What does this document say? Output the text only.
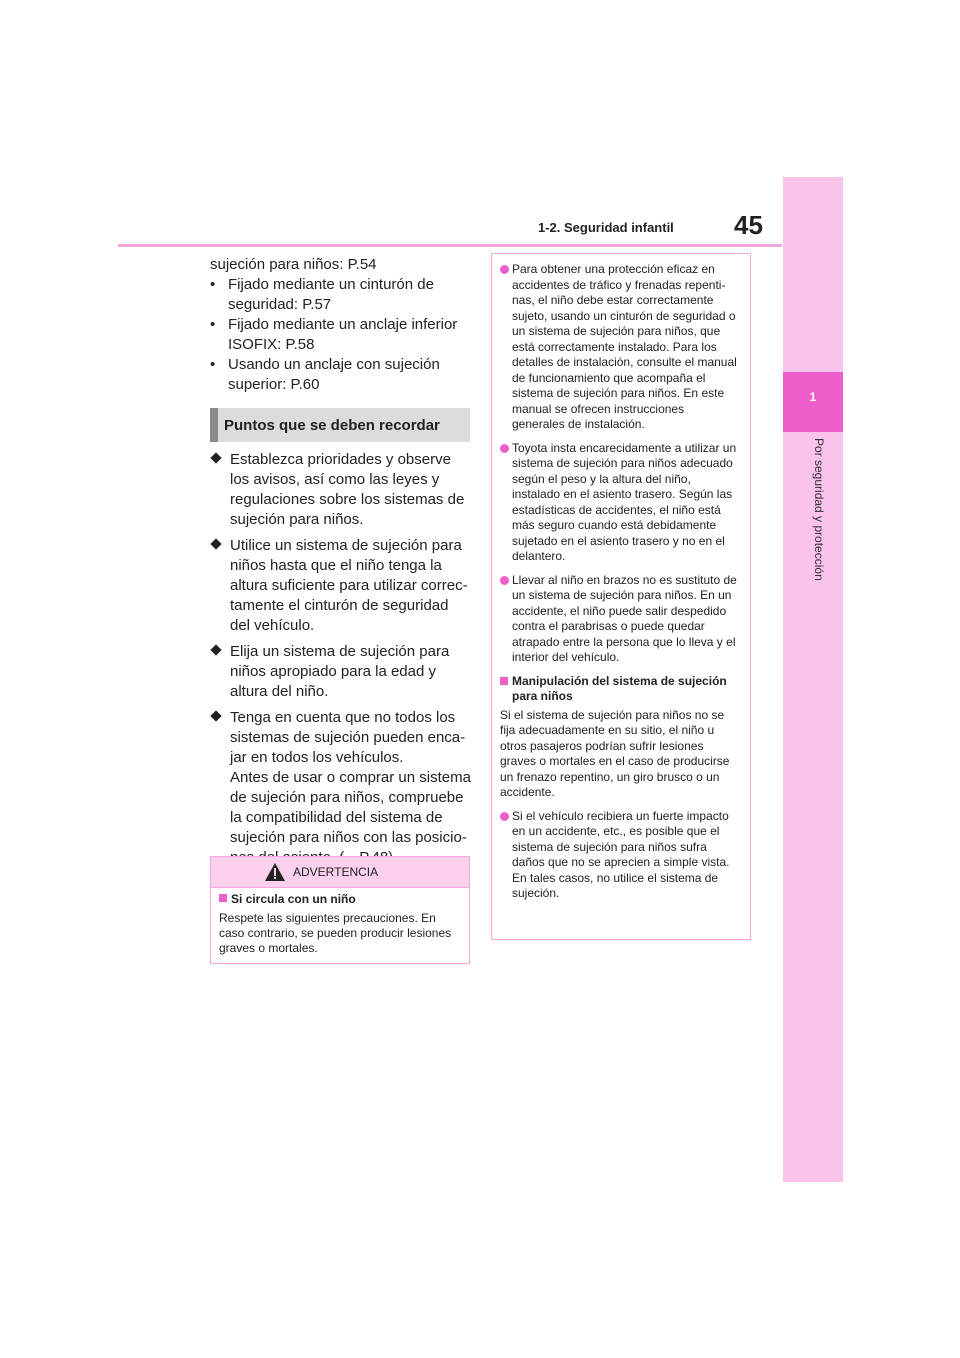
1
Por seguridad y protección
1-2. Seguridad infantil 45

sujeción para niños: P.54

• Fijado mediante un cinturón de seguridad: P.57

• Fijado mediante un anclaje inferior ISOFIX: P.58

• Usando un anclaje con sujeción superior: P.60

Puntos que se deben recordar
Establezca prioridades y observe los avisos, así como las leyes y regulaciones sobre los sistemas de sujeción para niños.
Utilice un sistema de sujeción para niños hasta que el niño tenga la altura suficiente para utilizar correctamente el cinturón de seguridad del vehículo.
Elija un sistema de sujeción para niños apropiado para la edad y altura del niño.
Tenga en cuenta que no todos los sistemas de sujeción pueden encajar en todos los vehículos.
Antes de usar o comprar un sistema de sujeción para niños, compruebe la compatibilidad del sistema de sujeción para niños con las posicio
ADVERTENCIA
Si circula con un niño
Respete las siguientes precauciones. En caso contrario, se pueden producir lesiones graves o mortales.

Para obtener una protección eficaz en accidentes de tráfico y frenadas repentinas, el niño debe estar correctamente sujeto, usando un cinturón de seguridad o un sistema de sujeción para niños, que está correctamente instalado. Para los detalles de instalación, consulte el manual de funcionamiento que acompaña el sistema de sujeción para niños. En este manual se ofrecen instrucciones generales de instalación.

Toyota insta encarecidamente a utilizar un sistema de sujeción para niños adecuado según el peso y la altura del niño, instalado en el asiento trasero. Según las estadísticas de accidentes, el niño está más seguro cuando está debidamente sujetado en el asiento trasero y no en el delantero.

Llevar al niño en brazos no es sustituto de un sistema de sujeción para niños. En un accidente, el niño puede salir despedido contra el parabrisas o puede quedar atrapado entre la persona que lo lleva y el interior del vehículo.

Manipulación del sistema de sujeción para niños

Si el sistema de sujeción para niños no se fija adecuadamente en su sitio, el niño u otros pasajeros podrían sufrir lesiones graves o mortales en el caso de producirse un frenazo repentino, un giro brusco o un accidente.

Si el vehículo recibiera un fuerte impacto en un accidente, etc., es posible que el sistema de sujeción para niños sufra daños que no se aprecien a simple vista. En tales casos, no utilice el sistema de sujeción.
